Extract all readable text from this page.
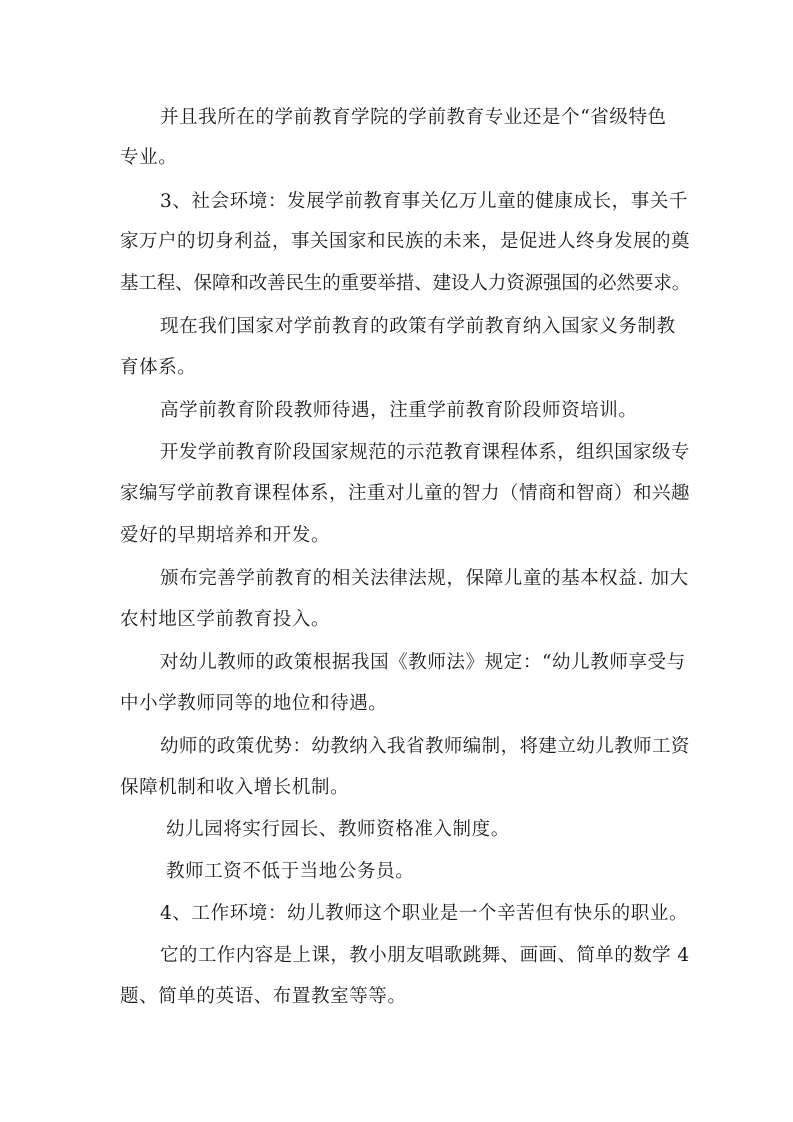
并且我所在的学前教育学院的学前教育专业还是个“省级特色
专业。
3、社会环境：发展学前教育事关亿万儿童的健康成长，事关千
家万户的切身利益，事关国家和民族的未来，是促进人终身发展的奠
基工程、保障和改善民生的重要举措、建设人力资源强国的必然要求。
现在我们国家对学前教育的政策有学前教育纳入国家义务制教
育体系。
高学前教育阶段教师待遇，注重学前教育阶段师资培训。
开发学前教育阶段国家规范的示范教育课程体系，组织国家级专
家编写学前教育课程体系，注重对儿童的智力（情商和智商）和兴趣
爱好的早期培养和开发。
颁布完善学前教育的相关法律法规，保障儿童的基本权益. 加大
农村地区学前教育投入。
对幼儿教师的政策根据我国《教师法》规定：“幼儿教师享受与
中小学教师同等的地位和待遇。
幼师的政策优势：幼教纳入我省教师编制，将建立幼儿教师工资
保障机制和收入增长机制。
幼儿园将实行园长、教师资格准入制度。
教师工资不低于当地公务员。
4、工作环境：幼儿教师这个职业是一个辛苦但有快乐的职业。
它的工作内容是上课，教小朋友唱歌跳舞、画画、简单的数学 4
题、简单的英语、布置教室等等。
